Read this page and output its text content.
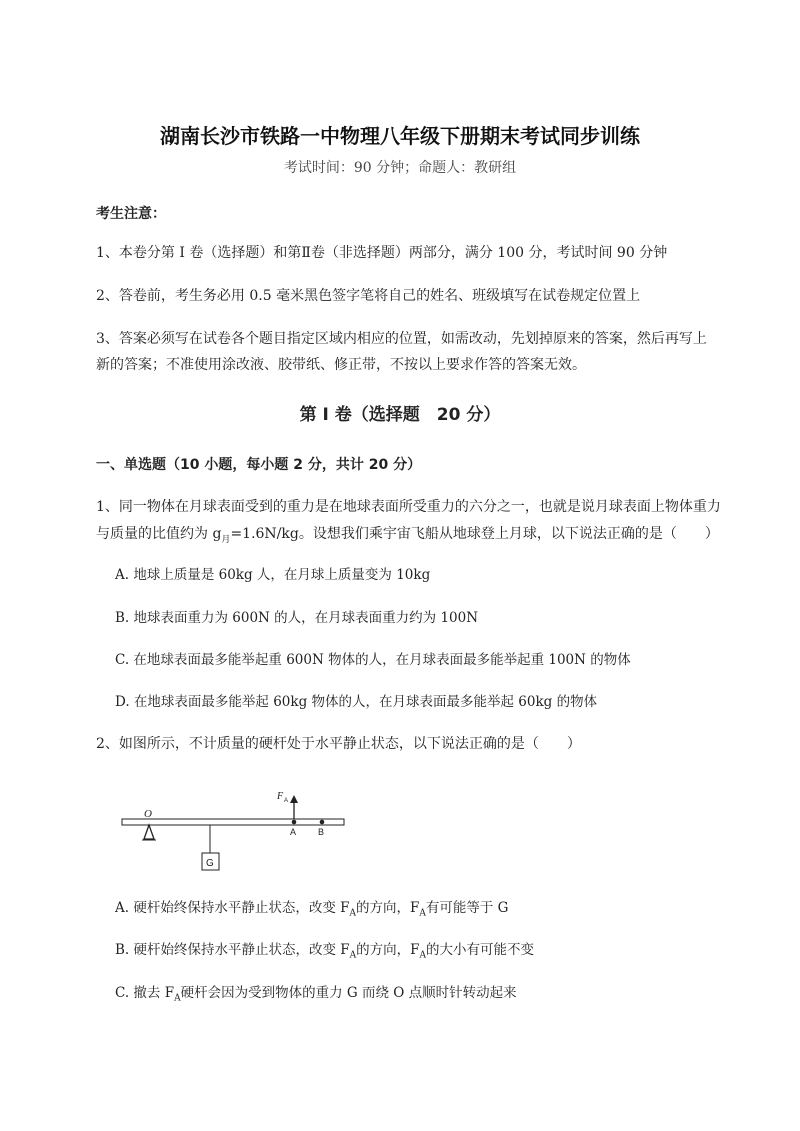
湖南长沙市铁路一中物理八年级下册期末考试同步训练
考试时间：90 分钟；命题人：教研组
考生注意：
1、本卷分第 I 卷（选择题）和第Ⅱ卷（非选择题）两部分，满分 100 分，考试时间 90 分钟
2、答卷前，考生务必用 0.5 毫米黑色签字笔将自己的姓名、班级填写在试卷规定位置上
3、答案必须写在试卷各个题目指定区域内相应的位置，如需改动，先划掉原来的答案，然后再写上新的答案；不准使用涂改液、胶带纸、修正带，不按以上要求作答的答案无效。
第 I 卷（选择题　20 分）
一、单选题（10 小题，每小题 2 分，共计 20 分）
1、同一物体在月球表面受到的重力是在地球表面所受重力的六分之一，也就是说月球表面上物体重力
与质量的比值约为 $g_月=1.6N/kg$。设想我们乘宇宙飞船从地球登上月球，以下说法正确的是（　　）
A. 地球上质量是 60kg 人，在月球上质量变为 10kg
B. 地球表面重力为 600N 的人，在月球表面重力约为 100N
C. 在地球表面最多能举起重 600N 物体的人，在月球表面最多能举起重 100N 的物体
D. 在地球表面最多能举起 60kg 物体的人，在月球表面最多能举起 60kg 的物体
2、如图所示，不计质量的硬杆处于水平静止状态，以下说法正确的是（　　）
O
G
F A
A B
A. 硬杆始终保持水平静止状态，改变 $F_A$的方向，$F_A$有可能等于 G
B. 硬杆始终保持水平静止状态，改变 $F_A$的方向，$F_A$的大小有可能不变
C. 撤去 $F_A$硬杆会因为受到物体的重力 G 而绕 O 点顺时针转动起来
